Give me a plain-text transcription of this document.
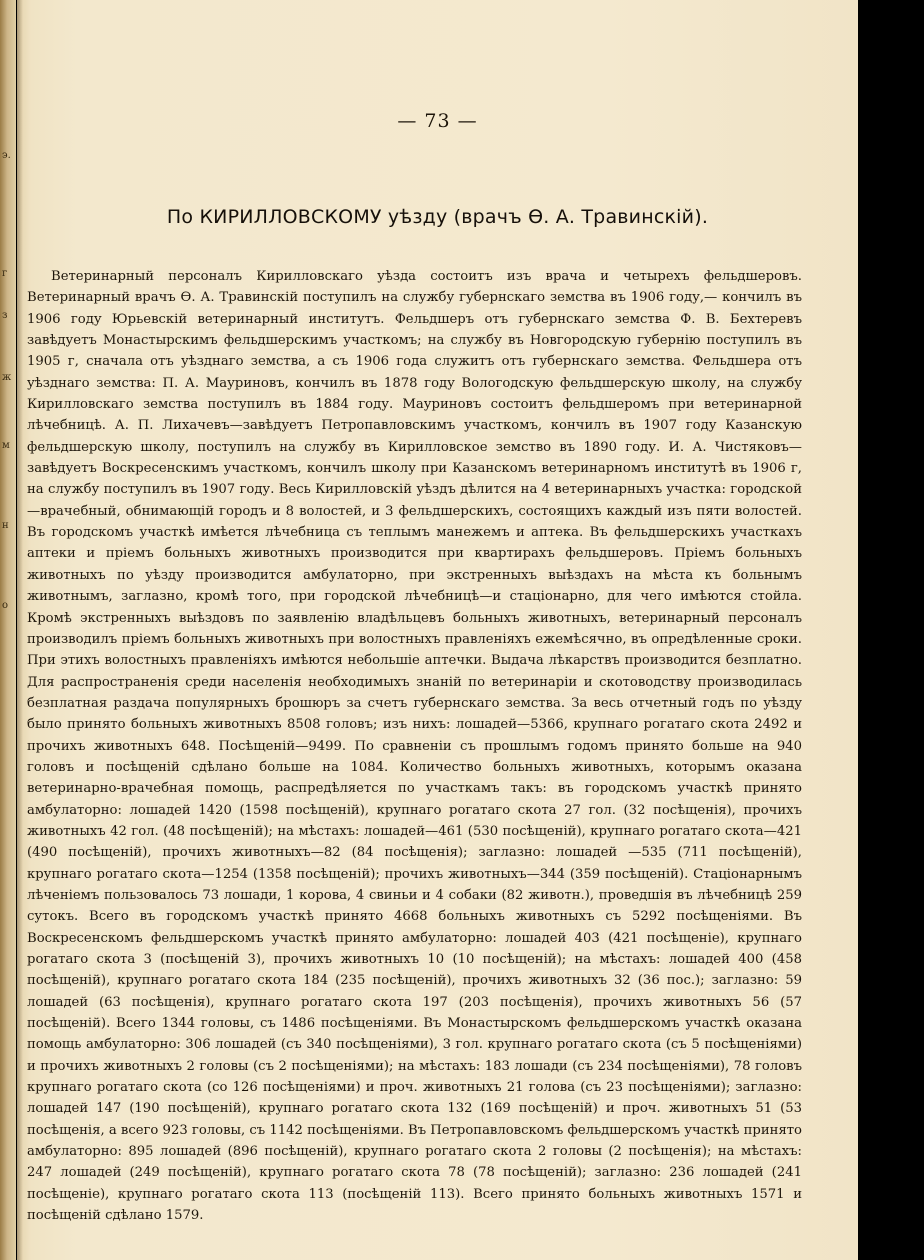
э.
г
з
ж
м
н
о
— 73 —
По КИРИЛЛОВСКОМУ уѣзду (врачъ Ѳ. А. Травинскій).

Ветеринарный персоналъ Кирилловскаго уѣзда состоитъ изъ врача и четырехъ фельдшеровъ. Ветеринарный врачъ Ѳ. А. Травинскій поступилъ на службу губернскаго земства въ 1906 году,— кончилъ въ 1906 году Юрьевскій ветеринарный институтъ. Фельдшеръ отъ губернскаго земства Ф. В. Бехтеревъ завѣдуетъ Монастырскимъ фельдшерскимъ участкомъ; на службу въ Новгородскую губернію поступилъ въ 1905 г, сначала отъ уѣзднаго земства, а съ 1906 года служитъ отъ губернскаго земства. Фельдшера отъ уѣзднаго земства: П. А. Мауриновъ, кончилъ въ 1878 году Вологодскую фельдшерскую школу, на службу Кирилловскаго земства поступилъ въ 1884 году. Мауриновъ состоитъ фельдшеромъ при ветеринарной лѣчебницѣ. А. П. Лихачевъ—завѣдуетъ Петропавловскимъ участкомъ, кончилъ въ 1907 году Казанскую фельдшерскую школу, поступилъ на службу въ Кирилловское земство въ 1890 году. И. А. Чистяковъ—завѣдуетъ Воскресенскимъ участкомъ, кончилъ школу при Казанскомъ ветеринарномъ институтѣ въ 1906 г, на службу поступилъ въ 1907 году. Весь Кирилловскій уѣздъ дѣлится на 4 ветеринарныхъ участка: городской—врачебный, обнимающій городъ и 8 волостей, и 3 фельдшерскихъ, состоящихъ каждый изъ пяти волостей. Въ городскомъ участкѣ имѣется лѣчебница съ теплымъ манежемъ и аптека. Въ фельдшерскихъ участкахъ аптеки и пріемъ больныхъ животныхъ производится при квартирахъ фельдшеровъ. Пріемъ больныхъ животныхъ по уѣзду производится амбулаторно, при экстренныхъ выѣздахъ на мѣста къ больнымъ животнымъ, заглазно, кромѣ того, при городской лѣчебницѣ—и стаціонарно, для чего имѣются стойла. Кромѣ экстренныхъ выѣздовъ по заявленію владѣльцевъ больныхъ животныхъ, ветеринарный персоналъ производилъ пріемъ больныхъ животныхъ при волостныхъ правленіяхъ ежемѣсячно, въ опредѣленные сроки. При этихъ волостныхъ правленіяхъ имѣются небольшіе аптечки. Выдача лѣкарствъ производится безплатно. Для распространенія среди населенія необходимыхъ знаній по ветеринаріи и скотоводству производилась безплатная раздача популярныхъ брошюръ за счетъ губернскаго земства. За весь отчетный годъ по уѣзду было принято больныхъ животныхъ 8508 головъ; изъ нихъ: лошадей—5366, крупнаго рогатаго скота 2492 и прочихъ животныхъ 648. Посѣщеній—9499. По сравненіи съ прошлымъ годомъ принято больше на 940 головъ и посѣщеній сдѣлано больше на 1084. Количество больныхъ животныхъ, которымъ оказана ветеринарно-врачебная помощь, распредѣляется по участкамъ такъ: въ городскомъ участкѣ принято амбулаторно: лошадей 1420 (1598 посѣщеній), крупнаго рогатаго скота 27 гол. (32 посѣщенія), прочихъ животныхъ 42 гол. (48 посѣщеній); на мѣстахъ: лошадей—461 (530 посѣщеній), крупнаго рогатаго скота—421 (490 посѣщеній), прочихъ животныхъ—82 (84 посѣщенія); заглазно: лошадей —535 (711 посѣщеній), крупнаго рогатаго скота—1254 (1358 посѣщеній); прочихъ животныхъ—344 (359 посѣщеній). Стаціонарнымъ лѣченіемъ пользовалось 73 лошади, 1 корова, 4 свиньи и 4 собаки (82 животн.), проведшія въ лѣчебницѣ 259 сутокъ. Всего въ городскомъ участкѣ принято 4668 больныхъ животныхъ съ 5292 посѣщеніями. Въ Воскресенскомъ фельдшерскомъ участкѣ принято амбулаторно: лошадей 403 (421 посѣщеніе), крупнаго рогатаго скота 3 (посѣщеній 3), прочихъ животныхъ 10 (10 посѣщеній); на мѣстахъ: лошадей 400 (458 посѣщеній), крупнаго рогатаго скота 184 (235 посѣщеній), прочихъ животныхъ 32 (36 пос.); заглазно: 59 лошадей (63 посѣщенія), крупнаго рогатаго скота 197 (203 посѣщенія), прочихъ животныхъ 56 (57 посѣщеній). Всего 1344 головы, съ 1486 посѣщеніями. Въ Монастырскомъ фельдшерскомъ участкѣ оказана помощь амбулаторно: 306 лошадей (съ 340 посѣщеніями), 3 гол. крупнаго рогатаго скота (съ 5 посѣщеніями) и прочихъ животныхъ 2 головы (съ 2 посѣщеніями); на мѣстахъ: 183 лошади (съ 234 посѣщеніями), 78 головъ крупнаго рогатаго скота (со 126 посѣщеніями) и проч. животныхъ 21 голова (съ 23 посѣщеніями); заглазно: лошадей 147 (190 посѣщеній), крупнаго рогатаго скота 132 (169 посѣщеній) и проч. животныхъ 51 (53 посѣщенія, а всего 923 головы, съ 1142 посѣщеніями. Въ Петропавловскомъ фельдшерскомъ участкѣ принято амбулаторно: 895 лошадей (896 посѣщеній), крупнаго рогатаго скота 2 головы (2 посѣщенія); на мѣстахъ: 247 лошадей (249 посѣщеній), крупнаго рогатаго скота 78 (78 посѣщеній); заглазно: 236 лошадей (241 посѣщеніе), крупнаго рогатаго скота 113 (посѣщеній 113). Всего принято больныхъ животныхъ 1571 и посѣщеній сдѣлано 1579.
